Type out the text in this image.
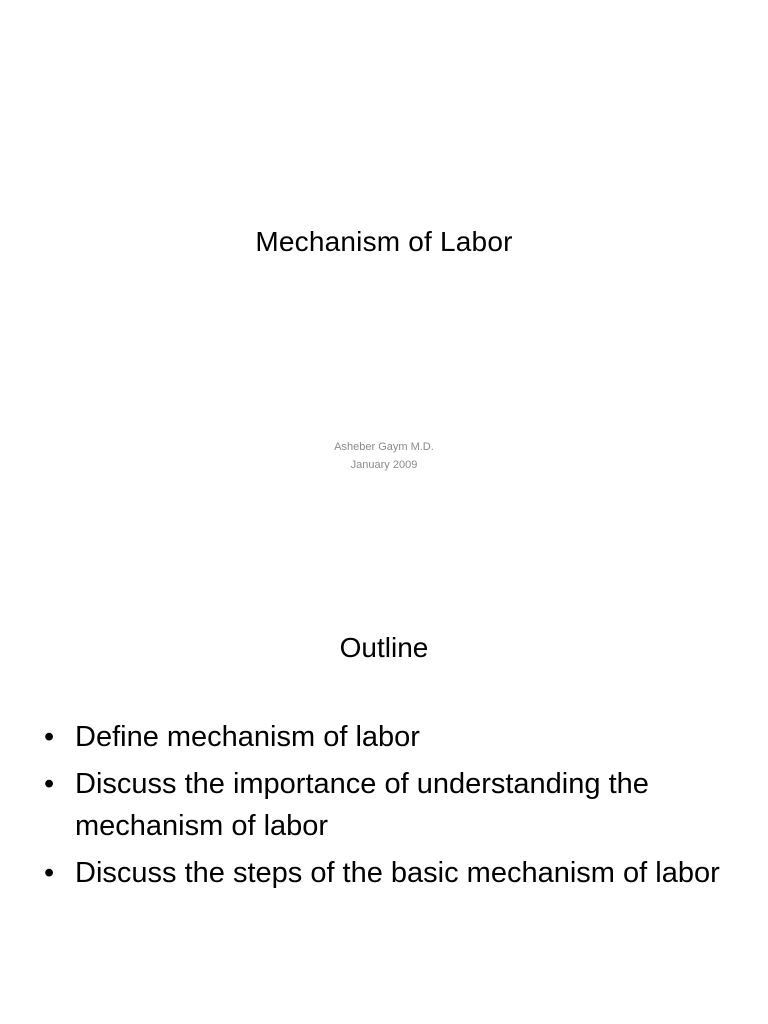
Mechanism of Labor
Asheber Gaym M.D.
January 2009
Outline
• Define mechanism of labor
• Discuss the importance of understanding the mechanism of labor
• Discuss the steps of the basic mechanism of labor
